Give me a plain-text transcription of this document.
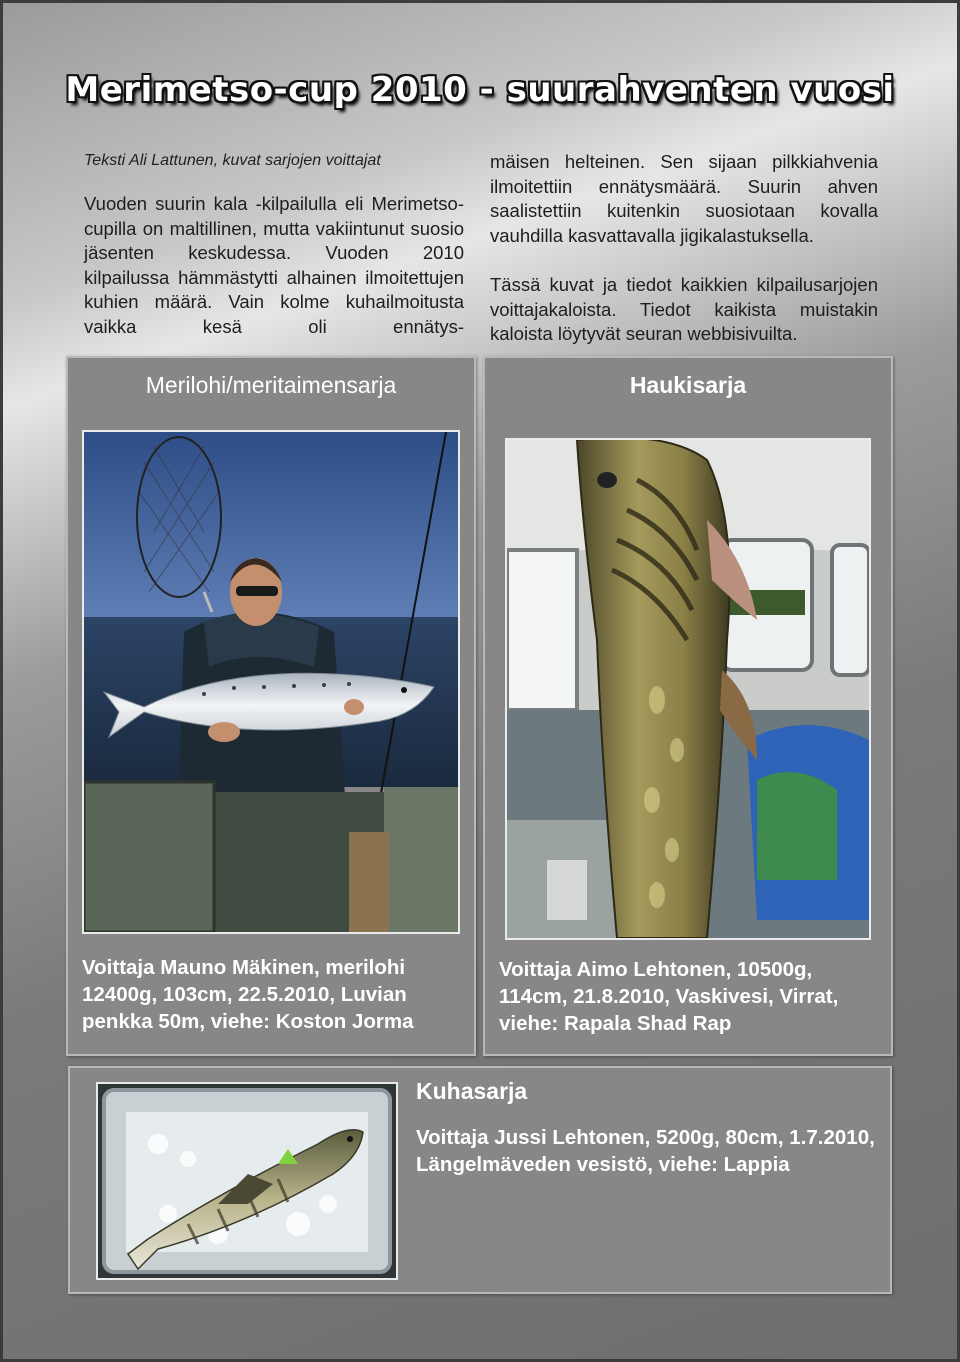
Merimetso-cup 2010 - suurahventen vuosi
Teksti Ali Lattunen, kuvat sarjojen voittajat
Vuoden suurin kala -kilpailulla eli Merimetso-cupilla on maltillinen, mutta vakiintunut suosio jäsenten keskudessa. Vuoden 2010 kilpailussa hämmästytti alhainen ilmoitettujen kuhien määrä. Vain kolme kuhailmoitusta vaikka kesä oli ennätys-
mäisen helteinen. Sen sijaan pilkkiahvenia ilmoitettiin ennätysmäärä. Suurin ahven saalistettiin kuitenkin suosiotaan kovalla vauhdilla kasvattavalla jigikalastuksella.
Tässä kuvat ja tiedot kaikkien kilpailusarjojen voittajakaloista. Tiedot kaikista muistakin kaloista löytyvät seuran webbisivuilta.
Merilohi/meritaimensarja
Voittaja Mauno Mäkinen, merilohi 12400g, 103cm, 22.5.2010, Luvian penkka 50m, viehe: Koston Jorma
Haukisarja
Voittaja Aimo Lehtonen, 10500g, 114cm, 21.8.2010, Vaskivesi, Virrat, viehe: Rapala Shad Rap
Kuhasarja
Voittaja Jussi Lehtonen, 5200g, 80cm, 1.7.2010, Längelmäveden vesistö, viehe: Lappia
